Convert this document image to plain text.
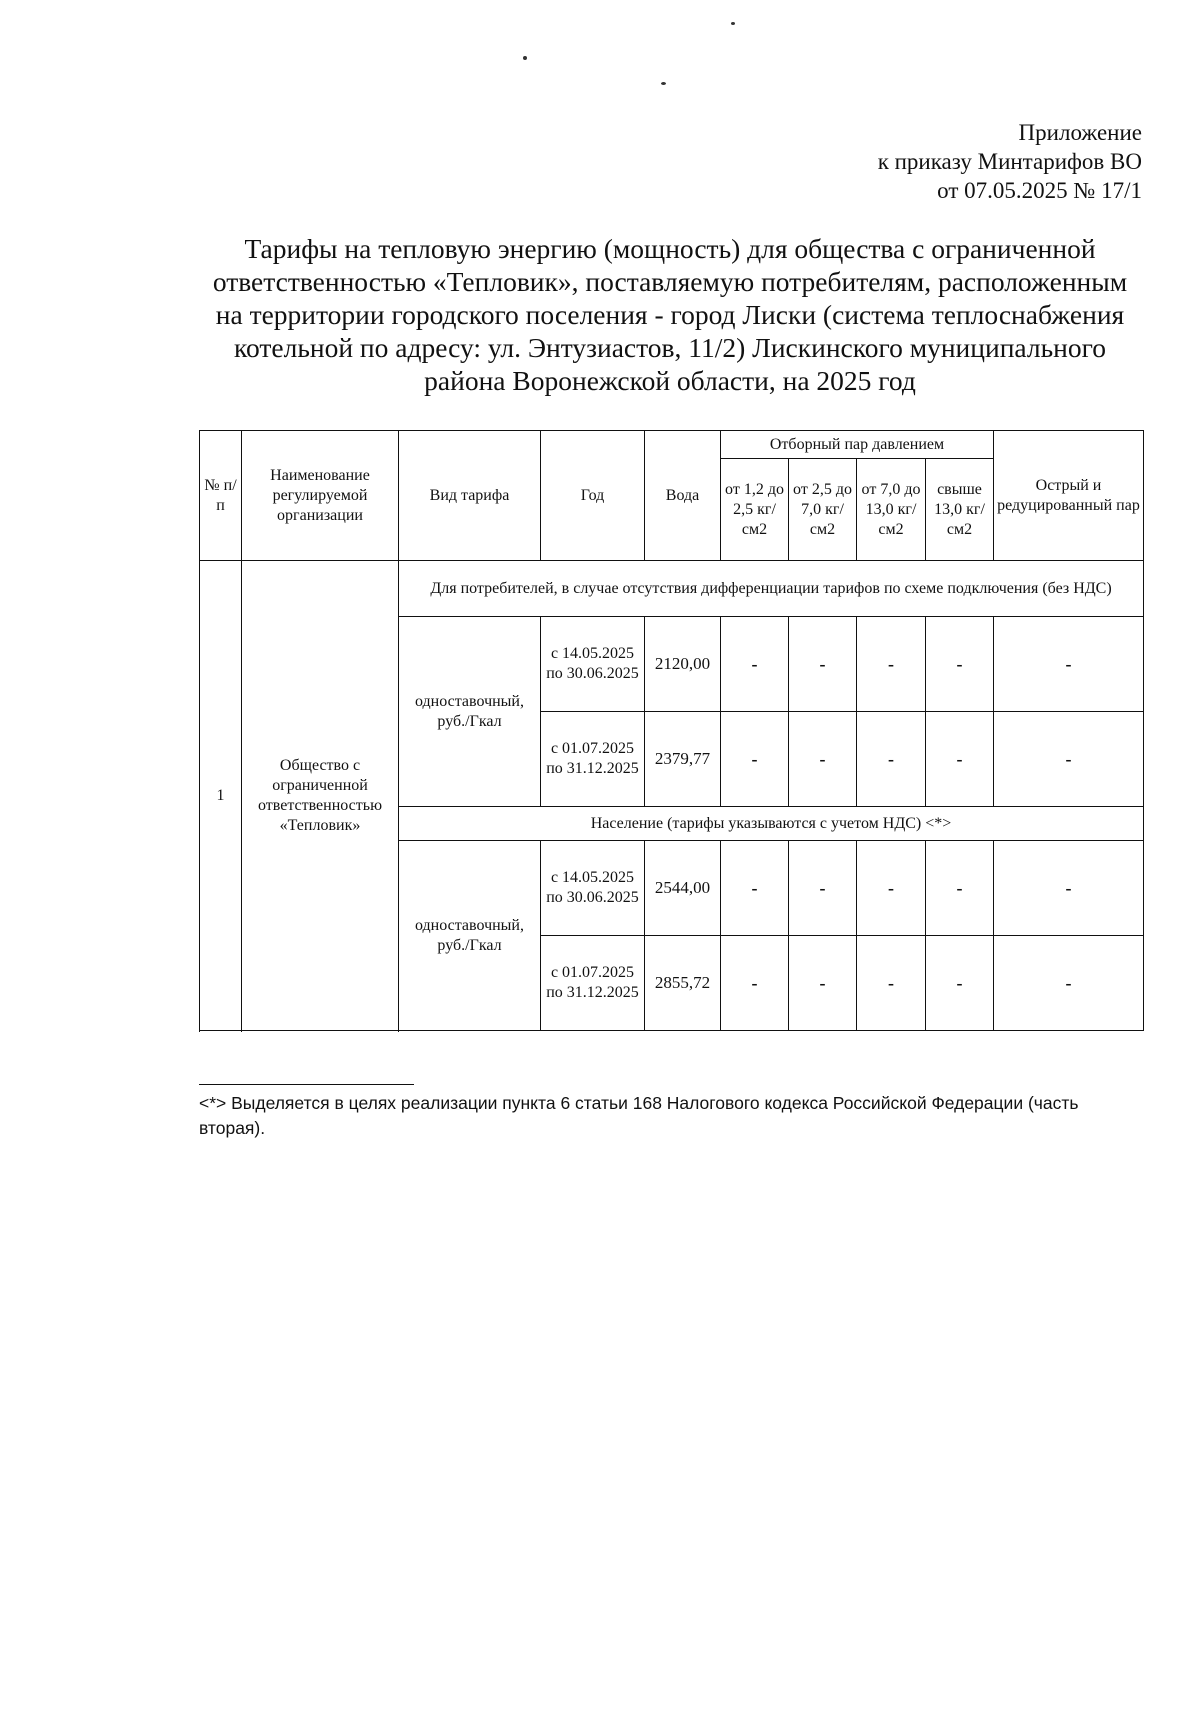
Приложение
к приказу Минтарифов ВО
от 07.05.2025 № 17/1
Тарифы на тепловую энергию (мощность) для общества с ограниченной
ответственностью «Тепловик», поставляемую потребителям, расположенным
на территории городского поселения - город Лиски (система теплоснабжения
котельной по адресу: ул. Энтузиастов, 11/2) Лискинского муниципального
района Воронежской области, на 2025 год
№ п/п	Наименование регулируемой организации	Вид тарифа	Год	Вода	Отборный пар давлением				Острый и редуцированный пар
					от 1,2 до 2,5 кг/см2	от 2,5 до 7,0 кг/см2	от 7,0 до 13,0 кг/см2	свыше 13,0 кг/см2	
1	Общество с ограниченной ответственностью «Тепловик»	Для потребителей, в случае отсутствия дифференциации тарифов по схеме подключения (без НДС)							
		одноставочный, руб./Гкал	с 14.05.2025 по 30.06.2025	2120,00	-	-	-	-	-
			с 01.07.2025 по 31.12.2025	2379,77	-	-	-	-	-
		Население (тарифы указываются с учетом НДС) <*>							
		одноставочный, руб./Гкал	с 14.05.2025 по 30.06.2025	2544,00	-	-	-	-	-
			с 01.07.2025 по 31.12.2025	2855,72	-	-	-	-	-

<*> Выделяется в целях реализации пункта 6 статьи 168 Налогового кодекса Российской Федерации (часть вторая).
